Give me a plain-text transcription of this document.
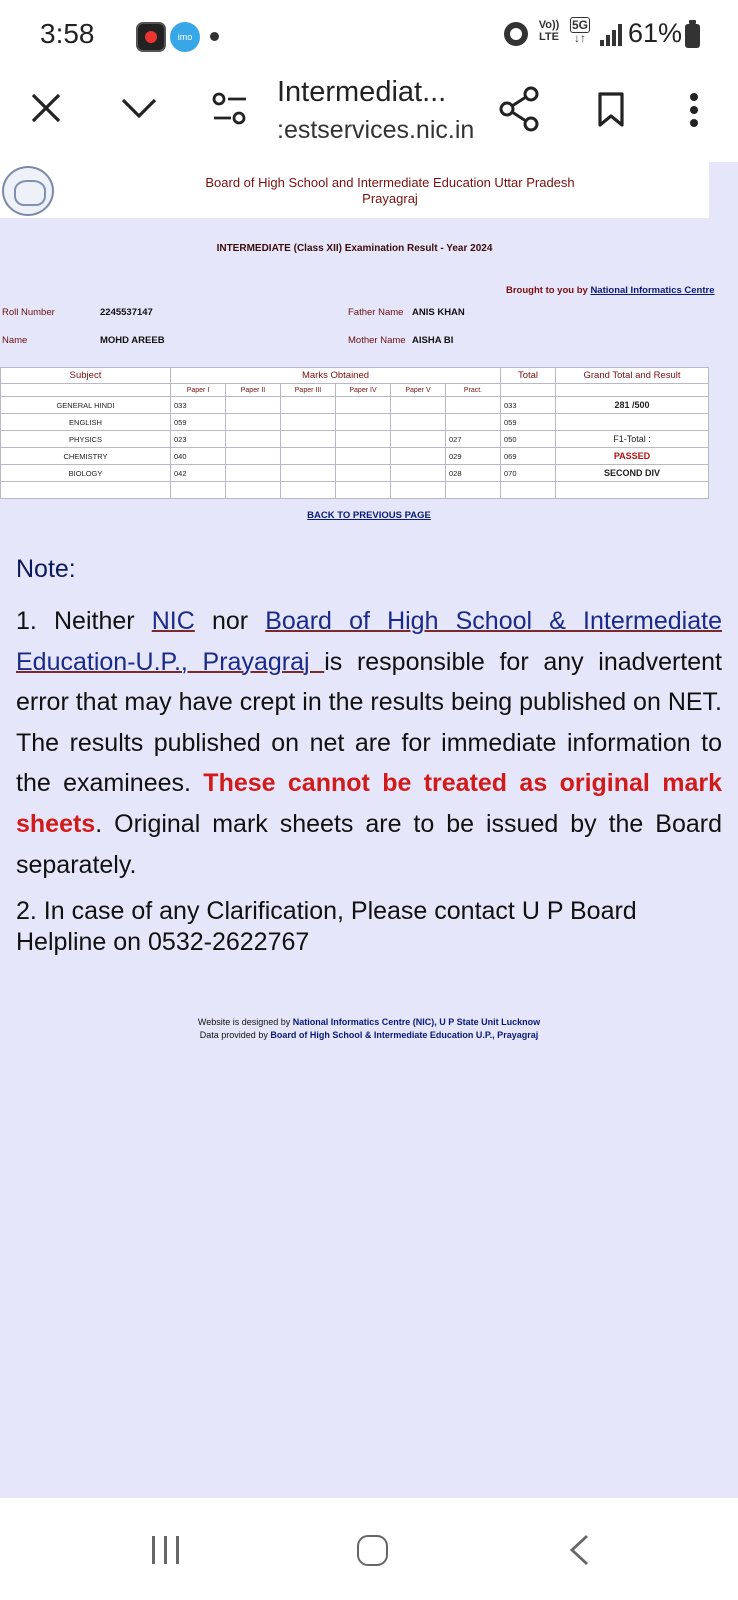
3:58	imo
Vo))
LTE
5G
↓↑ 61%
Intermediat...
:estservices.nic.in
Board of High School and Intermediate Education Uttar Pradesh
Prayagraj
INTERMEDIATE (Class XII) Examination Result - Year 2024
Brought to you by National Informatics Centre
Roll Number	2245537147	Father Name ANIS KHAN
Name	MOHD AREEB	Mother Name AISHA BI
Subject	Marks Obtained						Total	Grand Total and Result
	Paper I	Paper II	Paper III	Paper IV	Paper V	Pract.		
GENERAL HINDI	033						033	281 /500
ENGLISH	059						059	
PHYSICS	023					027	050	F1-Total :
CHEMISTRY	040					029	069	PASSED
BIOLOGY	042					028	070	SECOND DIV

BACK TO PREVIOUS PAGE
Note:
1. Neither NIC nor Board of High School & Intermediate Education-U.P., Prayagraj is responsible for any inadvertent error that may have crept in the results being published on NET. The results published on net are for immediate information to the examinees. These cannot be treated as original mark sheets. Original mark sheets are to be issued by the Board separately.
2. In case of any Clarification, Please contact U P Board Helpline on 0532-2622767
Website is designed by National Informatics Centre (NIC), U P State Unit Lucknow
Data provided by Board of High School & Intermediate Education U.P., Prayagraj
